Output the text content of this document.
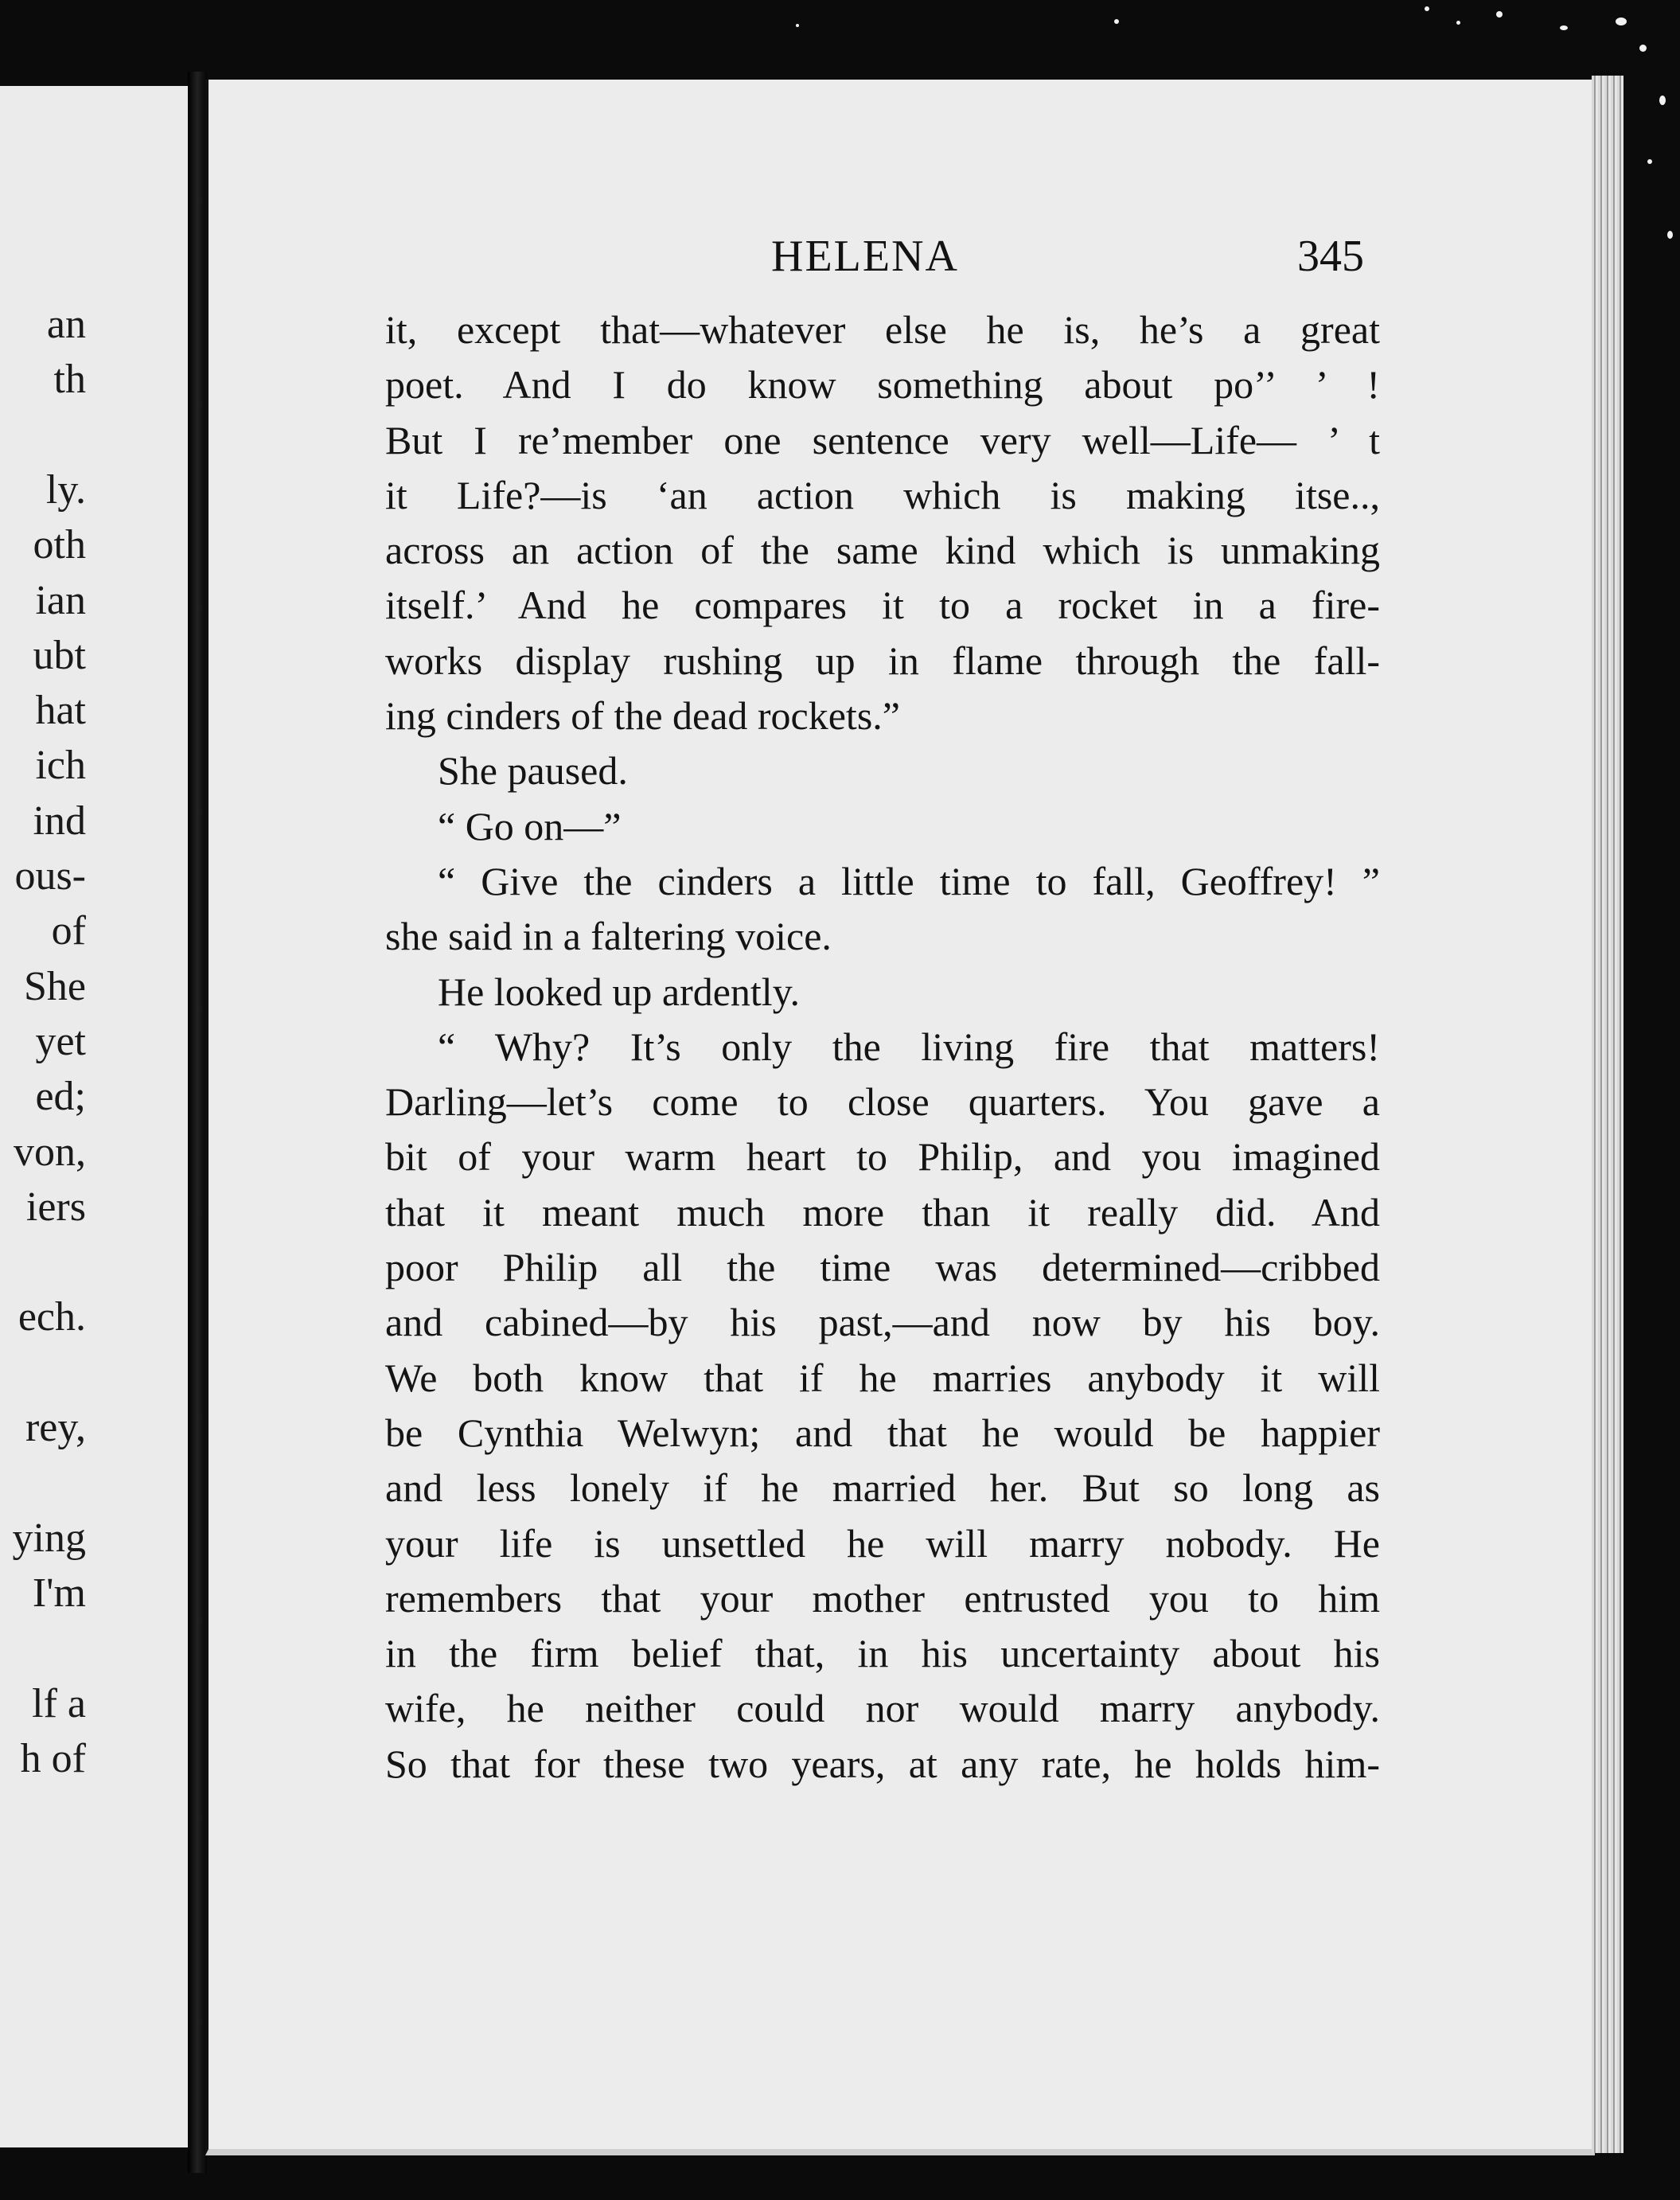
an
th
ly.
oth
ian
ubt
hat
ich
ind
ous-
of
She
yet
ed;
von,
iers
ech.
rey,
ying
I'm
lf a
h of
HELENA	345
it, except that—whatever else he is, he’s a great
poet. And I do know something about po’’ ’ !
But I re’member one sentence very well—Life— ’ t
it Life?—is ‘an action which is making itse..,
across an action of the same kind which is unmaking
itself.’ And he compares it to a rocket in a fire-
works display rushing up in flame through the fall-
ing cinders of the dead rockets.”
She paused.
“ Go on—”
“ Give the cinders a little time to fall, Geoffrey! ”
she said in a faltering voice.
He looked up ardently.
“ Why? It’s only the living fire that matters!
Darling—let’s come to close quarters. You gave a
bit of your warm heart to Philip, and you imagined
that it meant much more than it really did. And
poor Philip all the time was determined—cribbed
and cabined—by his past,—and now by his boy.
We both know that if he marries anybody it will
be Cynthia Welwyn; and that he would be happier
and less lonely if he married her. But so long as
your life is unsettled he will marry nobody. He
remembers that your mother entrusted you to him
in the firm belief that, in his uncertainty about his
wife, he neither could nor would marry anybody.
So that for these two years, at any rate, he holds him-
